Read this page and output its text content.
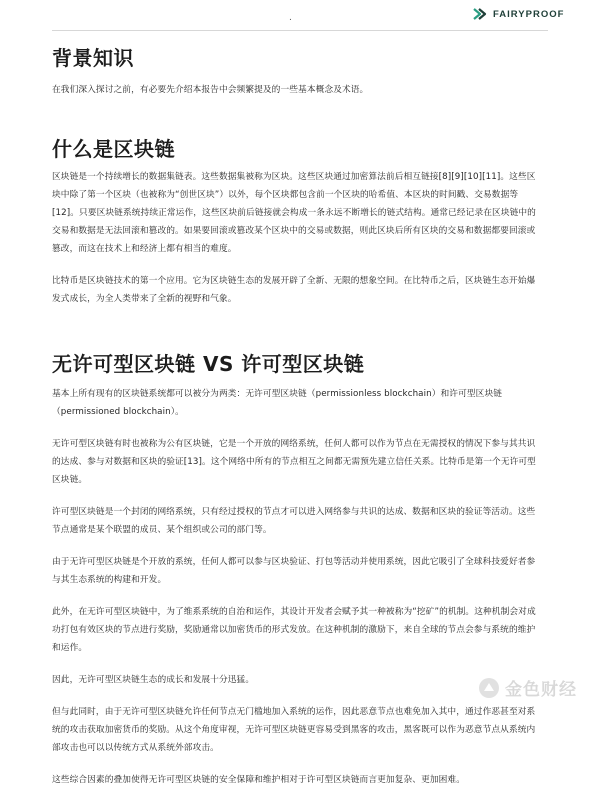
.	FAIRYPROOF
背景知识

在我们深入探讨之前，有必要先介绍本报告中会频繁提及的一些基本概念及术语。

什么是区块链

区块链是一个持续增长的数据集链表。这些数据集被称为区块。这些区块通过加密算法前后相互链接[8][9][10][11]。这些区块中除了第一个区块（也被称为“创世区块”）以外，每个区块都包含前一个区块的哈希值、本区块的时间戳、交易数据等[12]。只要区块链系统持续正常运作，这些区块前后链接就会构成一条永远不断增长的链式结构。通常已经记录在区块链中的交易和数据是无法回滚和篡改的。如果要回滚或篡改某个区块中的交易或数据，则此区块后所有区块的交易和数据都要回滚或篡改，而这在技术上和经济上都有相当的难度。

比特币是区块链技术的第一个应用。它为区块链生态的发展开辟了全新、无限的想象空间。在比特币之后，区块链生态开始爆发式成长，为全人类带来了全新的视野和气象。

无许可型区块链 VS 许可型区块链

基本上所有现有的区块链系统都可以被分为两类：无许可型区块链（permissionless blockchain）和许可型区块链（permissioned blockchain）。

无许可型区块链有时也被称为公有区块链，它是一个开放的网络系统，任何人都可以作为节点在无需授权的情况下参与其共识的达成、参与对数据和区块的验证[13]。这个网络中所有的节点相互之间都无需预先建立信任关系。比特币是第一个无许可型区块链。

许可型区块链是一个封闭的网络系统，只有经过授权的节点才可以进入网络参与共识的达成、数据和区块的验证等活动。这些节点通常是某个联盟的成员、某个组织或公司的部门等。

由于无许可型区块链是个开放的系统，任何人都可以参与区块验证、打包等活动并使用系统，因此它吸引了全球科技爱好者参与其生态系统的构建和开发。

此外，在无许可型区块链中，为了维系系统的自治和运作，其设计开发者会赋予其一种被称为“挖矿”的机制。这种机制会对成功打包有效区块的节点进行奖励，奖励通常以加密货币的形式发放。在这种机制的激励下，来自全球的节点会参与系统的维护和运作。

因此，无许可型区块链生态的成长和发展十分迅猛。

但与此同时，由于无许可型区块链允许任何节点无门槛地加入系统的运作，因此恶意节点也难免加入其中，通过作恶甚至对系统的攻击获取加密货币的奖励。从这个角度审视，无许可型区块链更容易受到黑客的攻击，黑客既可以作为恶意节点从系统内部攻击也可以以传统方式从系统外部攻击。

这些综合因素的叠加使得无许可型区块链的安全保障和维护相对于许可型区块链而言更加复杂、更加困难。

金色财经
